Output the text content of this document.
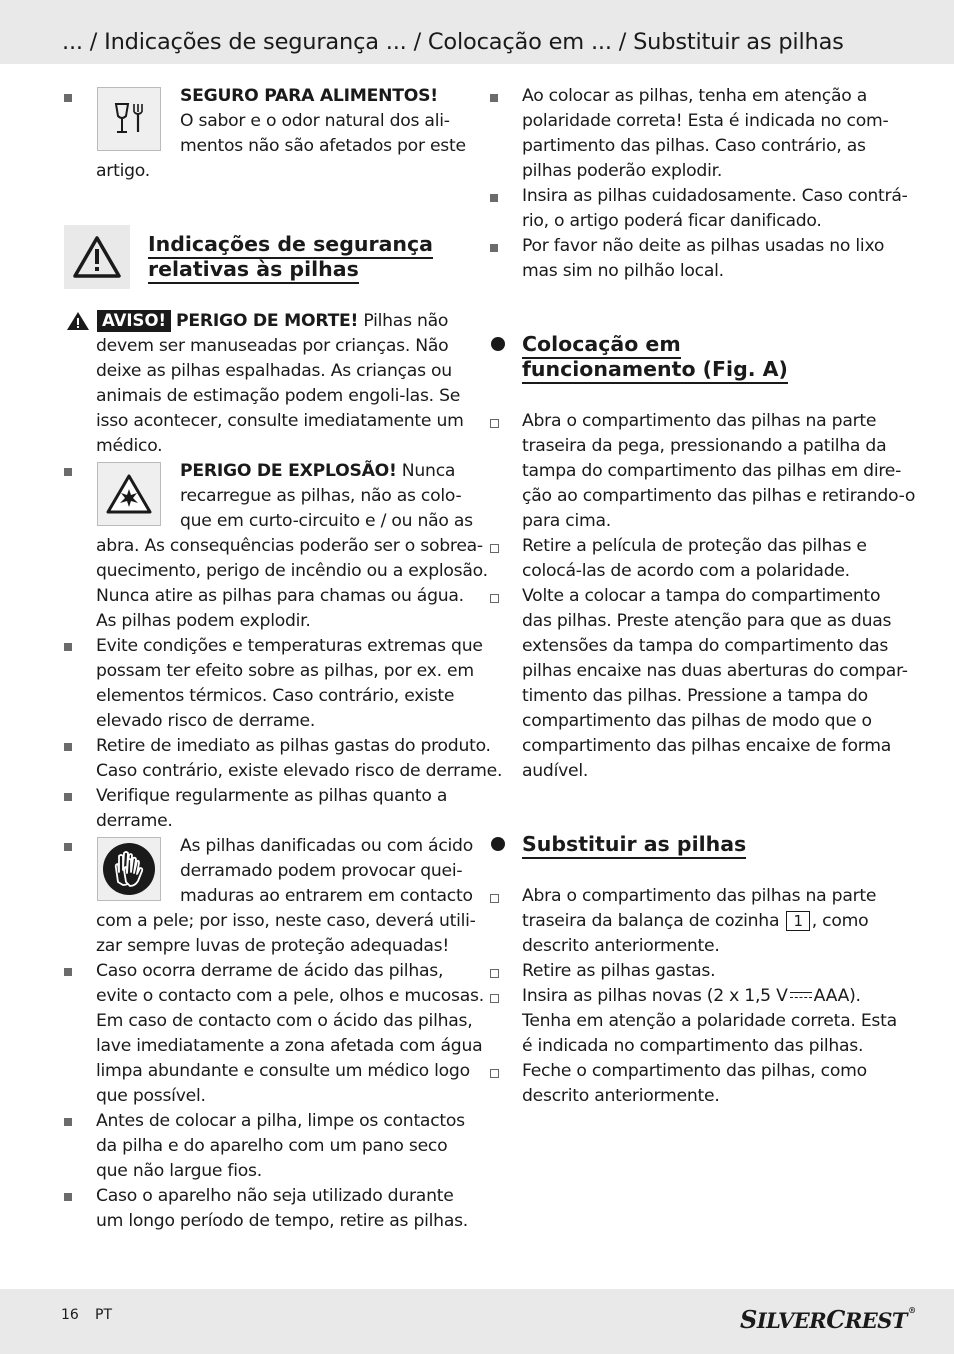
... / Indicações de segurança ... / Colocação em ... / Substituir as pilhas
SEGURO PARA ALIMENTOS!
O sabor e o odor natural dos ali-
mentos não são afetados por este
artigo.
Indicações de segurança
relativas às pilhas
AVISO! PERIGO DE MORTE! Pilhas não
devem ser manuseadas por crianças. Não
deixe as pilhas espalhadas. As crianças ou
animais de estimação podem engoli-las. Se
isso acontecer, consulte imediatamente um
médico.
PERIGO DE EXPLOSÃO! Nunca
recarregue as pilhas, não as colo-
que em curto-circuito e / ou não as
abra. As consequências poderão ser o sobrea-
quecimento, perigo de incêndio ou a explosão.
Nunca atire as pilhas para chamas ou água.
As pilhas podem explodir.
Evite condições e temperaturas extremas que
possam ter efeito sobre as pilhas, por ex. em
elementos térmicos. Caso contrário, existe
elevado risco de derrame.
Retire de imediato as pilhas gastas do produto.
Caso contrário, existe elevado risco de derrame.
Verifique regularmente as pilhas quanto a
derrame.
As pilhas danificadas ou com ácido
derramado podem provocar quei-
maduras ao entrarem em contacto
com a pele; por isso, neste caso, deverá utili-
zar sempre luvas de proteção adequadas!
Caso ocorra derrame de ácido das pilhas,
evite o contacto com a pele, olhos e mucosas.
Em caso de contacto com o ácido das pilhas,
lave imediatamente a zona afetada com água
limpa abundante e consulte um médico logo
que possível.
Antes de colocar a pilha, limpe os contactos
da pilha e do aparelho com um pano seco
que não largue fios.
Caso o aparelho não seja utilizado durante
um longo período de tempo, retire as pilhas.
Ao colocar as pilhas, tenha em atenção a
polaridade correta! Esta é indicada no com-
partimento das pilhas. Caso contrário, as
pilhas poderão explodir.
Insira as pilhas cuidadosamente. Caso contrá-
rio, o artigo poderá ficar danificado.
Por favor não deite as pilhas usadas no lixo
mas sim no pilhão local.
Colocação em
funcionamento (Fig. A)
Abra o compartimento das pilhas na parte
traseira da pega, pressionando a patilha da
tampa do compartimento das pilhas em dire-
ção ao compartimento das pilhas e retirando-o
para cima.
Retire a película de proteção das pilhas e
colocá-las de acordo com a polaridade.
Volte a colocar a tampa do compartimento
das pilhas. Preste atenção para que as duas
extensões da tampa do compartimento das
pilhas encaixe nas duas aberturas do compar-
timento das pilhas. Pressione a tampa do
compartimento das pilhas de modo que o
compartimento das pilhas encaixe de forma
audível.
Substituir as pilhas
Abra o compartimento das pilhas na parte
traseira da balança de cozinha 1 , como
descrito anteriormente.
Retire as pilhas gastas.
Insira as pilhas novas (2 x 1,5 V AAA).
Tenha em atenção a polaridade correta. Esta
é indicada no compartimento das pilhas.
Feche o compartimento das pilhas, como
descrito anteriormente.
16 PT	SILVERCREST®
